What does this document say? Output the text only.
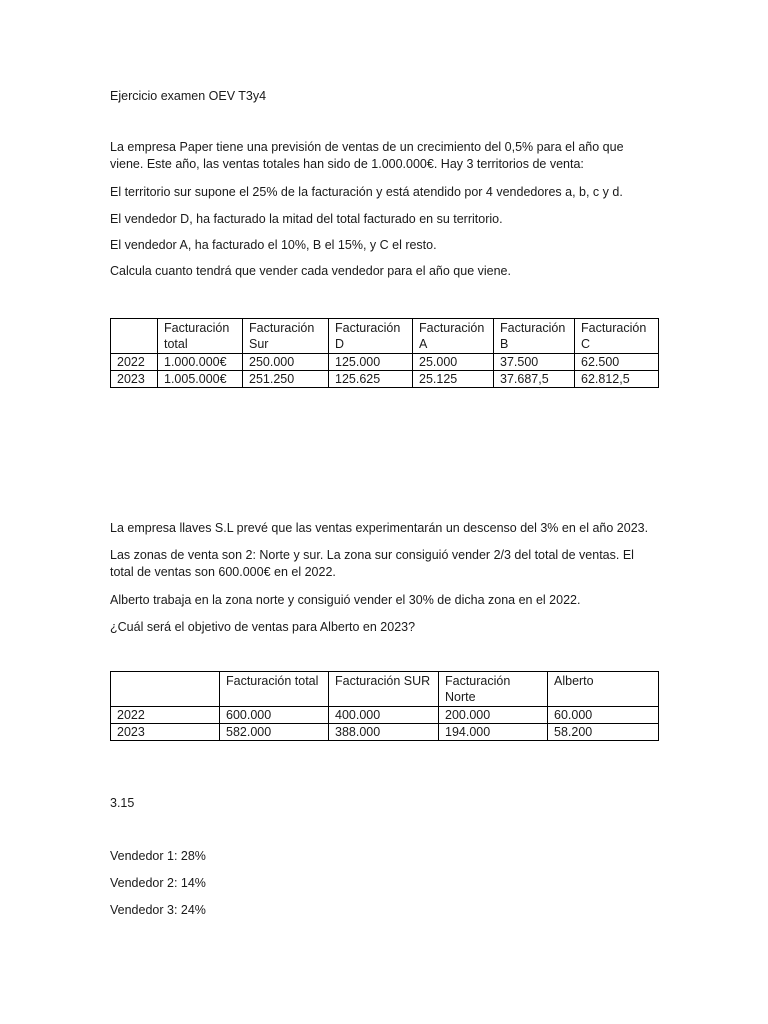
Ejercicio examen OEV T3y4

La empresa Paper tiene una previsión de ventas de un crecimiento del 0,5% para el año que viene. Este año, las ventas totales han sido de 1.000.000€. Hay 3 territorios de venta:

El territorio sur supone el 25% de la facturación y está atendido por 4 vendedores a, b, c y d.

El vendedor D, ha facturado la mitad del total facturado en su territorio.

El vendedor A, ha facturado el 10%, B el 15%, y C el resto.

Calcula cuanto tendrá que vender cada vendedor para el año que viene.

	Facturación total	Facturación Sur	Facturación D	Facturación A	Facturación B	Facturación C
2022	1.000.000€	250.000	125.000	25.000	37.500	62.500
2023	1.005.000€	251.250	125.625	25.125	37.687,5	62.812,5

La empresa llaves S.L prevé que las ventas experimentarán un descenso del 3% en el año 2023.

Las zonas de venta son 2: Norte y sur. La zona sur consiguió vender 2/3 del total de ventas. El total de ventas son 600.000€ en el 2022.

Alberto trabaja en la zona norte y consiguió vender el 30% de dicha zona en el 2022.

¿Cuál será el objetivo de ventas para Alberto en 2023?

	Facturación total	Facturación SUR	Facturación Norte	Alberto
2022	600.000	400.000	200.000	60.000
2023	582.000	388.000	194.000	58.200

3.15

Vendedor 1: 28%

Vendedor 2: 14%

Vendedor 3: 24%
